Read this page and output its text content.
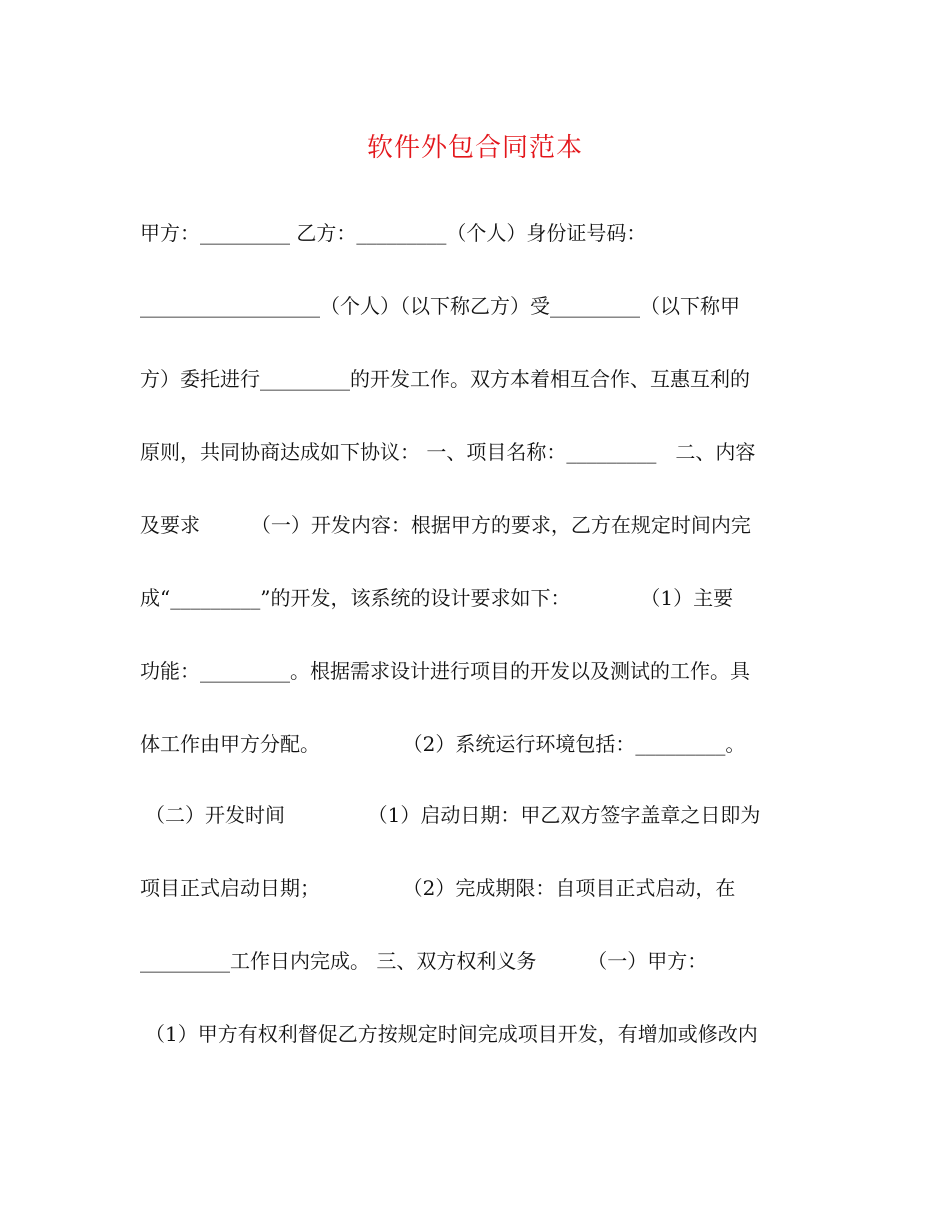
软件外包合同范本
甲方：_________ 乙方：_________（个人）身份证号码：
__________________（个人）（以下称乙方）受_________（以下称甲
方）委托进行_________的开发工作。双方本着相互合作、互惠互利的
原则，共同协商达成如下协议： 一、项目名称：_________   二、内容
及要求        （一）开发内容：根据甲方的要求，乙方在规定时间内完
成“_________”的开发，该系统的设计要求如下：           （1）主要
功能：_________。根据需求设计进行项目的开发以及测试的工作。具
体工作由甲方分配。             （2）系统运行环境包括：_________。
（二）开发时间             （1）启动日期：甲乙双方签字盖章之日即为
项目正式启动日期；             （2）完成期限：自项目正式启动，在
_________工作日内完成。 三、双方权利义务        （一）甲方：
（1）甲方有权利督促乙方按规定时间完成项目开发，有增加或修改内
